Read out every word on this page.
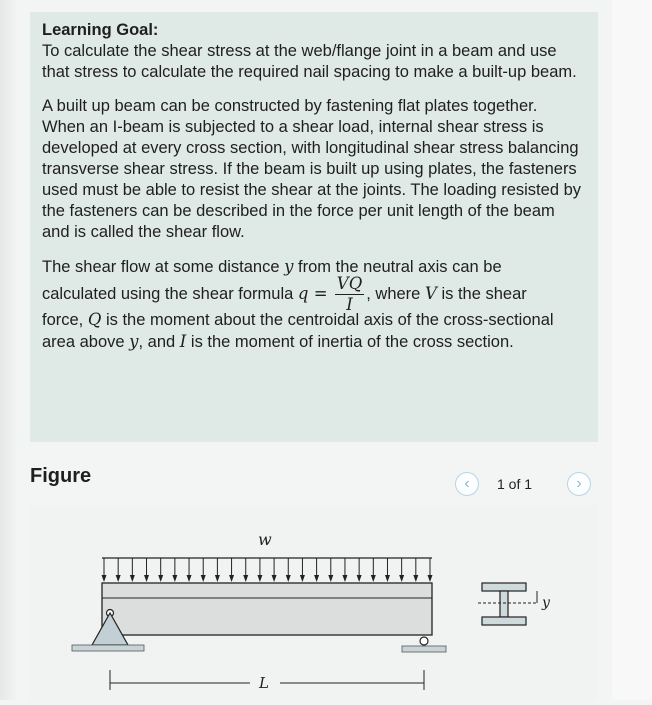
Learning Goal:
To calculate the shear stress at the web/flange joint in a beam and use that stress to calculate the required nail spacing to make a built-up beam.

A built up beam can be constructed by fastening flat plates together. When an I-beam is subjected to a shear load, internal shear stress is developed at every cross section, with longitudinal shear stress balancing transverse shear stress. If the beam is built up using plates, the fasteners used must be able to resist the shear at the joints. The loading resisted by the fasteners can be described in the force per unit length of the beam and is called the shear flow.

The shear flow at some distance y from the neutral axis can be
calculated using the shear formula $q = \frac{VQ}{I}$ , where V is the shear
force, Q is the moment about the centroidal axis of the cross-sectional area above y, and I is the moment of inertia of the cross section.
Figure	‹	1 of 1	›
w
L
y
